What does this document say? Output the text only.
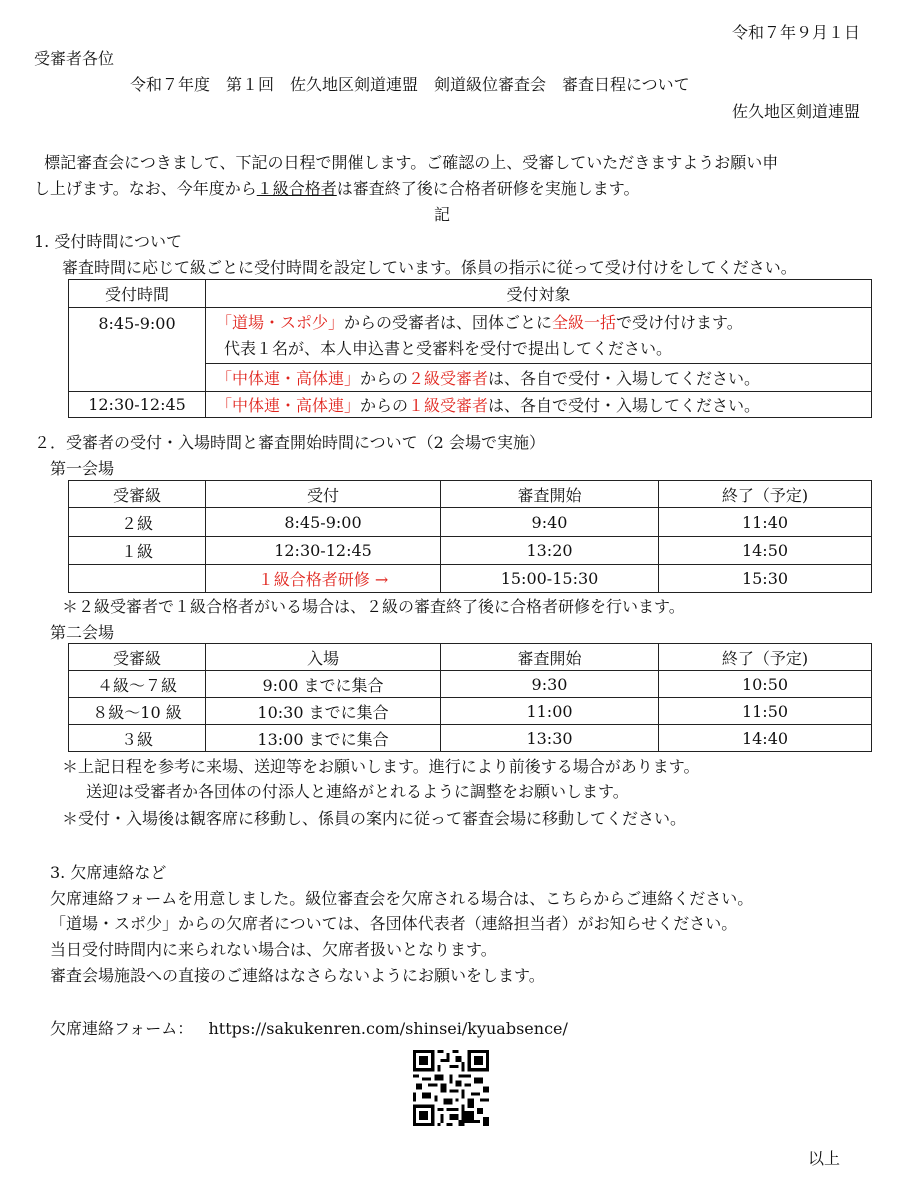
令和７年９月１日
受審者各位
令和７年度　第１回　佐久地区剣道連盟　剣道級位審査会　審査日程について
佐久地区剣道連盟
標記審査会につきまして、下記の日程で開催します。ご確認の上、受審していただきますようお願い申
し上げます。なお、今年度から１級合格者は審査終了後に合格者研修を実施します。
記
1. 受付時間について
審査時間に応じて級ごとに受付時間を設定しています。係員の指示に従って受け付けをしてください。
受付時間	受付対象
8:45-9:00	「道場・スポ少」からの受審者は、団体ごとに全級一括で受け付けます。
代表１名が、本人申込書と受審料を受付で提出してください。

	「中体連・高体連」からの２級受審者は、各自で受付・入場してください。
12:30-12:45	「中体連・高体連」からの１級受審者は、各自で受付・入場してください。
２．受審者の受付・入場時間と審査開始時間について（2 会場で実施）
第一会場
受審級	受付	審査開始	終了（予定)
２級	8:45-9:00	9:40	11:40
１級	12:30-12:45	13:20	14:50
	１級合格者研修 →	15:00-15:30	15:30
＊２級受審者で１級合格者がいる場合は、２級の審査終了後に合格者研修を行います。
第二会場
受審級	入場	審査開始	終了（予定)
４級〜７級	9:00 までに集合	9:30	10:50
８級〜10 級	10:30 までに集合	11:00	11:50
３級	13:00 までに集合	13:30	14:40
＊上記日程を参考に来場、送迎等をお願いします。進行により前後する場合があります。
送迎は受審者か各団体の付添人と連絡がとれるように調整をお願いします。
＊受付・入場後は観客席に移動し、係員の案内に従って審査会場に移動してください。
3. 欠席連絡など
欠席連絡フォームを用意しました。級位審査会を欠席される場合は、こちらからご連絡ください。
「道場・スポ少」からの欠席者については、各団体代表者（連絡担当者）がお知らせください。
当日受付時間内に来られない場合は、欠席者扱いとなります。
審査会場施設への直接のご連絡はなさらないようにお願いをします。
欠席連絡フォーム： https://sakukenren.com/shinsei/kyuabsence/
以上
